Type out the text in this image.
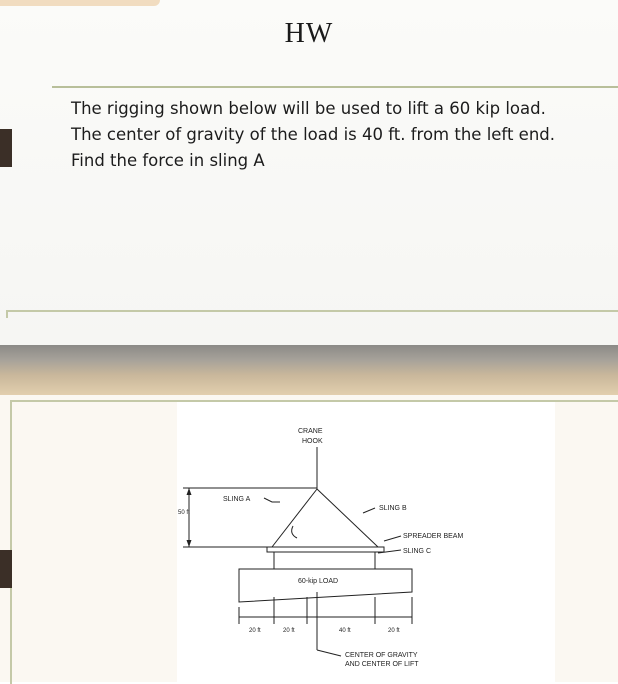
HW
The rigging shown below will be used to lift a 60 kip load.
The center of gravity of the load is 40 ft. from the left end.
Find the force in sling A
CRANE
HOOK
SLING A
SLING B
50 ft
SPREADER BEAM
SLING C
60-kip LOAD
20 ft	20 ft	40 ft	20 ft
CENTER OF GRAVITY
AND CENTER OF LIFT
